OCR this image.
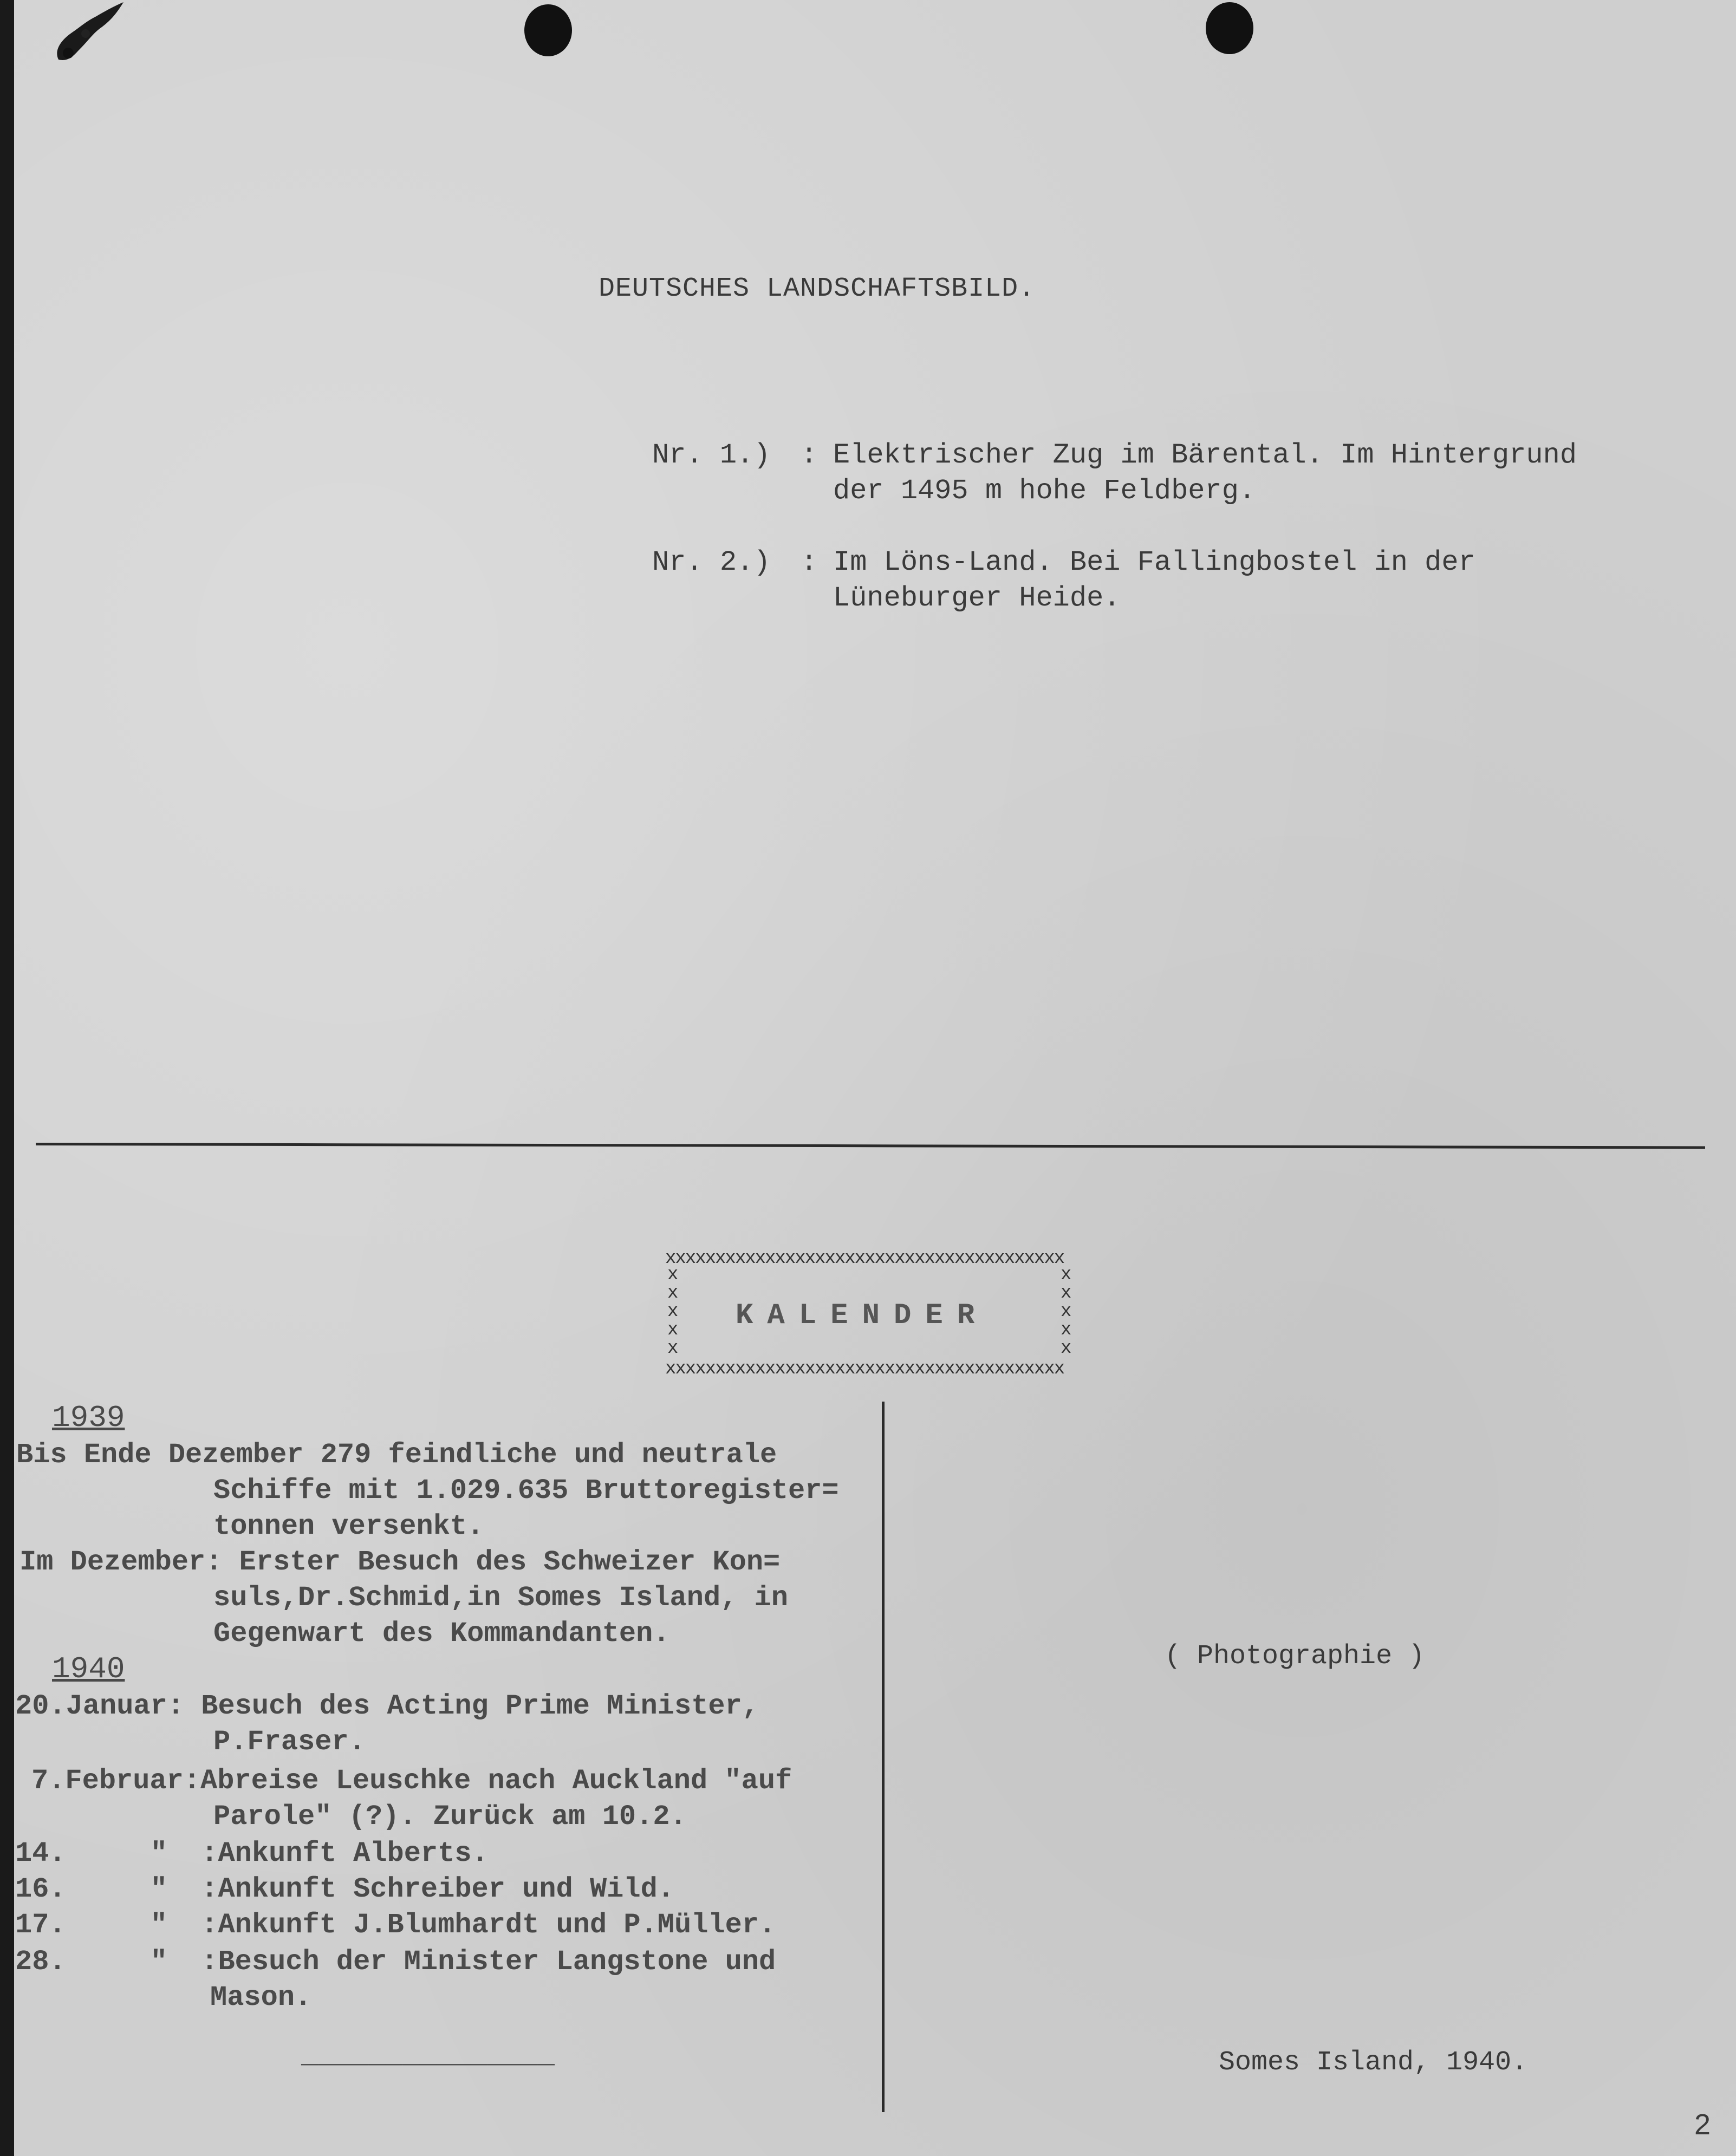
DEUTSCHES LANDSCHAFTSBILD.
Nr. 1.) : Elektrischer Zug im Bärental. Im Hintergrund
der 1495 m hohe Feldberg.
Nr. 2.) : Im Löns-Land. Bei Fallingbostel in der
Lüneburger Heide.
xxxxxxxxxxxxxxxxxxxxxxxxxxxxxxxxxxxxxxxx
xxxxxxxxxxxxxxxxxxxxxxxxxxxxxxxxxxxxxxxx
x
x
x
x
x
x
x
x
x
x
KALENDER
1939
Bis Ende Dezember 279 feindliche und neutrale
Schiffe mit 1.029.635 Bruttoregister=
tonnen versenkt.
Im Dezember: Erster Besuch des Schweizer Kon=
suls,Dr.Schmid,in Somes Island, in
Gegenwart des Kommandanten.
1940
20.Januar: Besuch des Acting Prime Minister,
P.Fraser.
7.Februar:Abreise Leuschke nach Auckland "auf
Parole" (?). Zurück am 10.2.
14.     "  :Ankunft Alberts.
16.     "  :Ankunft Schreiber und Wild.
17.     "  :Ankunft J.Blumhardt und P.Müller.
28.     "  :Besuch der Minister Langstone und
Mason.
_______________
( Photographie )
Somes Island, 1940.
2
